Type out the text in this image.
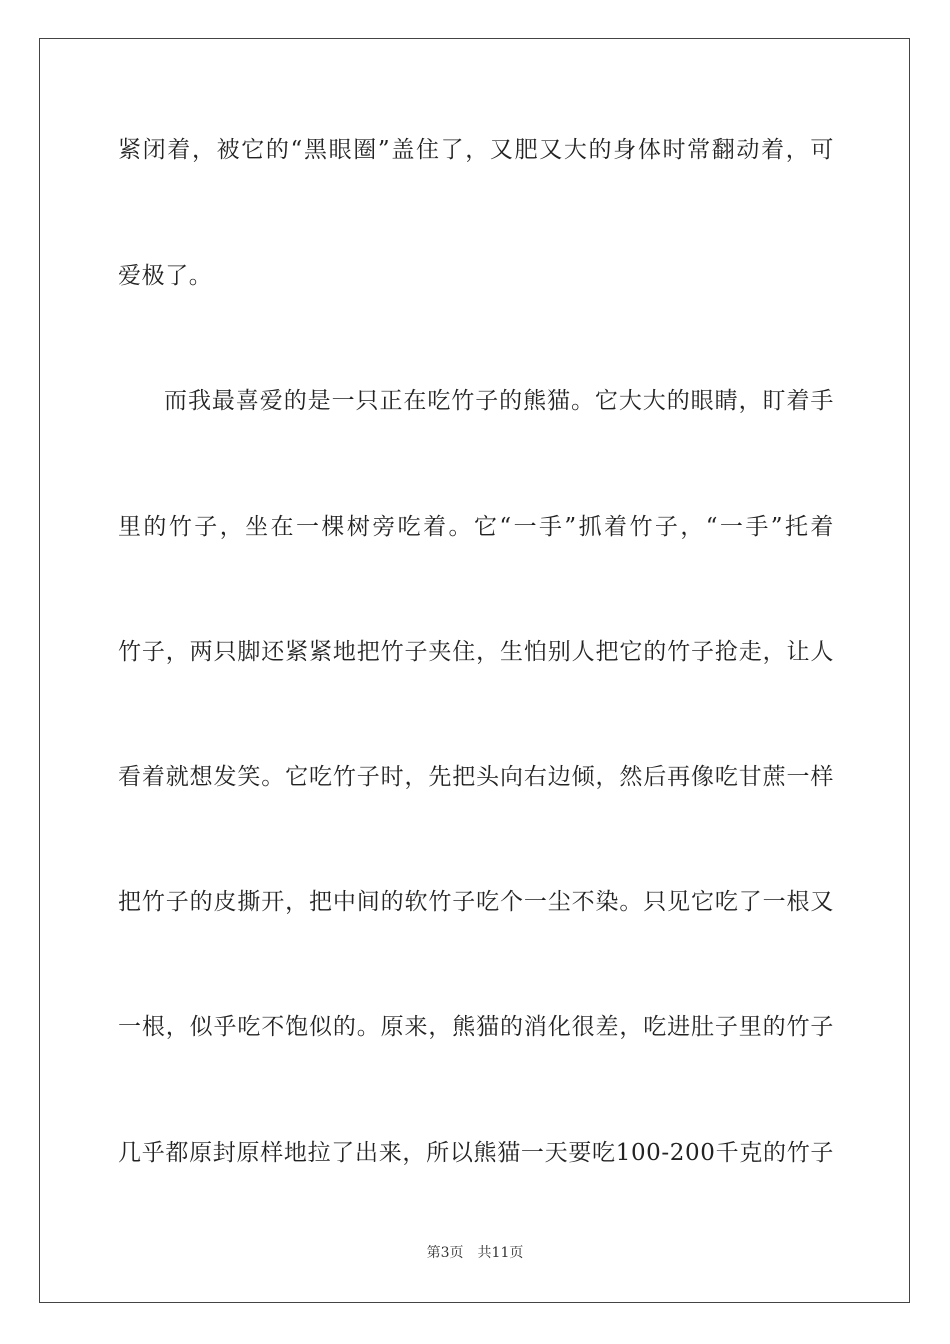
紧闭着，被它的“黑眼圈”盖住了，又肥又大的身体时常翻动着，可
爱极了。
而我最喜爱的是一只正在吃竹子的熊猫。它大大的眼睛，盯着手
里的竹子，坐在一棵树旁吃着。它“一手”抓着竹子，“一手”托着
竹子，两只脚还紧紧地把竹子夹住，生怕别人把它的竹子抢走，让人
看着就想发笑。它吃竹子时，先把头向右边倾，然后再像吃甘蔗一样
把竹子的皮撕开，把中间的软竹子吃个一尘不染。只见它吃了一根又
一根，似乎吃不饱似的。原来，熊猫的消化很差，吃进肚子里的竹子
几乎都原封原样地拉了出来，所以熊猫一天要吃100-200千克的竹子
第3页 共11页
